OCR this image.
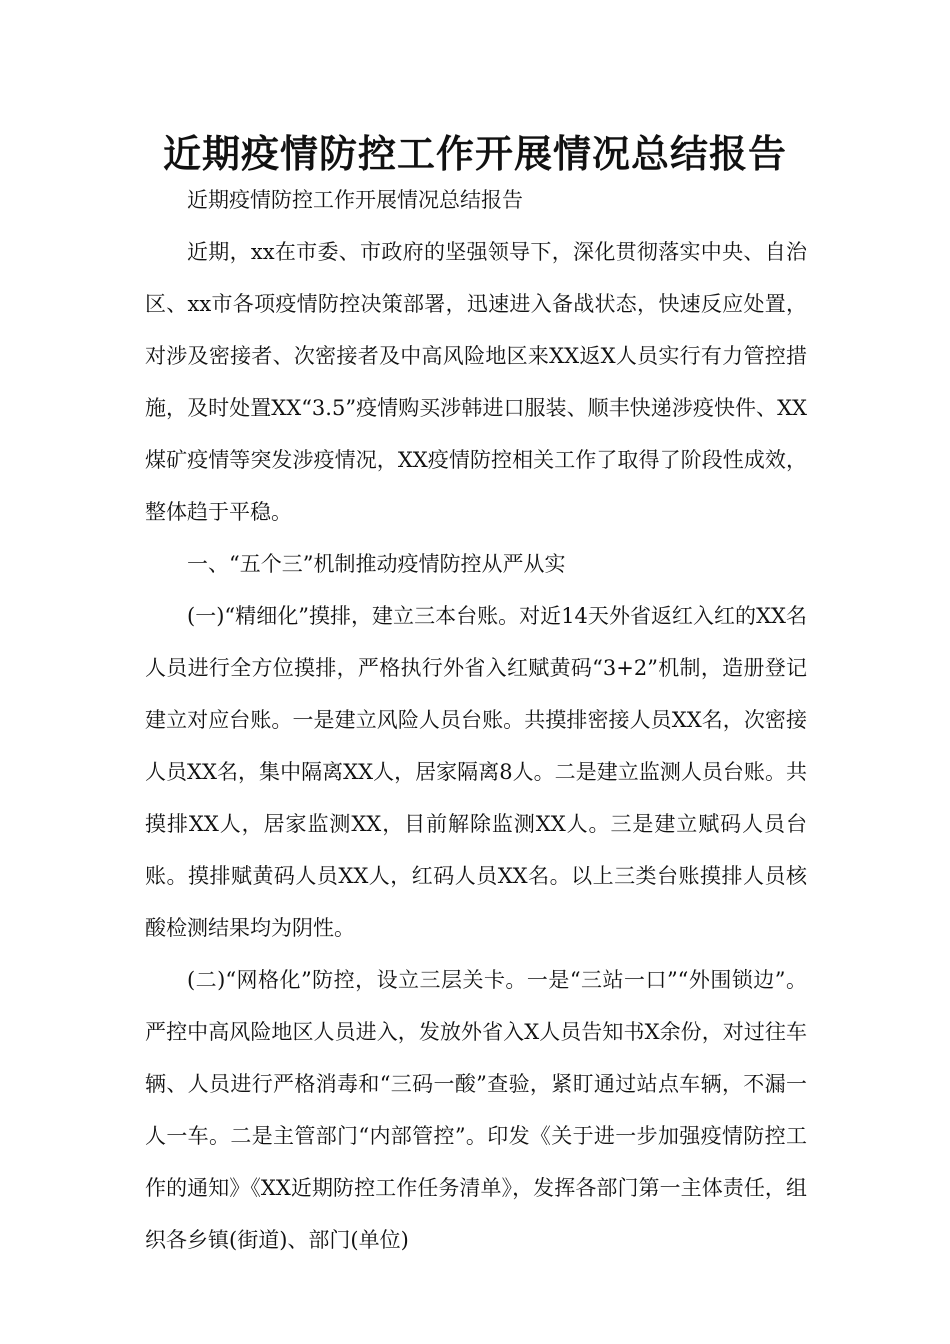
近期疫情防控工作开展情况总结报告

近期疫情防控工作开展情况总结报告

近期，xx在市委、市政府的坚强领导下，深化贯彻落实中央、自治区、xx市各项疫情防控决策部署，迅速进入备战状态，快速反应处置，对涉及密接者、次密接者及中高风险地区来XX返X人员实行有力管控措施，及时处置XX“3.5”疫情购买涉韩进口服装、顺丰快递涉疫快件、XX煤矿疫情等突发涉疫情况，XX疫情防控相关工作了取得了阶段性成效，整体趋于平稳。

一、“五个三”机制推动疫情防控从严从实

(一)“精细化”摸排，建立三本台账。对近14天外省返红入红的XX名人员进行全方位摸排，严格执行外省入红赋黄码“3+2”机制，造册登记建立对应台账。一是建立风险人员台账。共摸排密接人员XX名，次密接人员XX名，集中隔离XX人，居家隔离8人。二是建立监测人员台账。共摸排XX人，居家监测XX，目前解除监测XX人。三是建立赋码人员台账。摸排赋黄码人员XX人，红码人员XX名。以上三类台账摸排人员核酸检测结果均为阴性。

(二)“网格化”防控，设立三层关卡。一是“三站一口”“外围锁边”。严控中高风险地区人员进入，发放外省入X人员告知书X余份，对过往车辆、人员进行严格消毒和“三码一酸”查验，紧盯通过站点车辆，不漏一人一车。二是主管部门“内部管控”。印发《关于进一步加强疫情防控工作的通知》《XX近期防控工作任务清单》，发挥各部门第一主体责任，组织各乡镇(街道)、部门(单位)
